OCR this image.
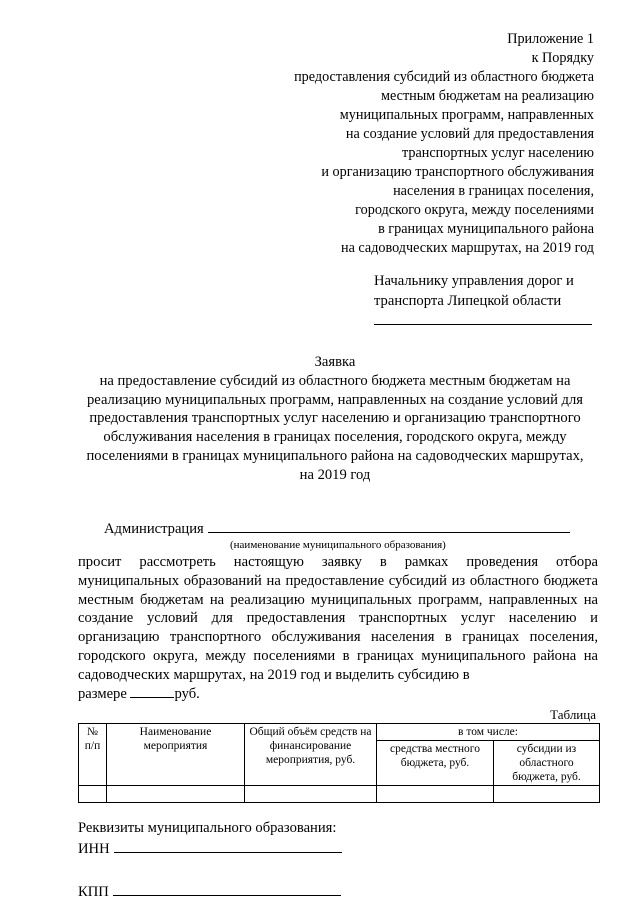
Приложение 1
к Порядку
предоставления субсидий из областного бюджета
местным бюджетам на реализацию
муниципальных программ, направленных
на создание условий для предоставления
транспортных услуг населению
и организацию транспортного обслуживания
населения в границах поселения,
городского округа, между поселениями
в границах муниципального района
на садоводческих маршрутах, на 2019 год
Начальнику управления дорог и
транспорта Липецкой области
Заявка
на предоставление субсидий из областного бюджета местным бюджетам на
реализацию муниципальных программ, направленных на создание условий для
предоставления транспортных услуг населению и организацию транспортного
обслуживания населения в границах поселения, городского округа, между
поселениями в границах муниципального района на садоводческих маршрутах,
на 2019 год
Администрация
(наименование муниципального образования)
просит рассмотреть настоящую заявку в рамках проведения отбора муниципальных образований на предоставление субсидий из областного бюджета местным бюджетам на реализацию муниципальных программ, направленных на создание условий для предоставления транспортных услуг населению и организацию транспортного обслуживания населения в границах поселения, городского округа, между поселениями в границах муниципального района на садоводческих маршрутах, на 2019 год и выделить субсидию в
размере	руб.
Таблица
№ п/п	Наименование мероприятия	Общий объём средств на финансирование мероприятия, руб.	в том числе:	
			средства местного бюджета, руб.	субсидии из областного бюджета, руб.

Реквизиты муниципального образования:
ИНН
КПП
